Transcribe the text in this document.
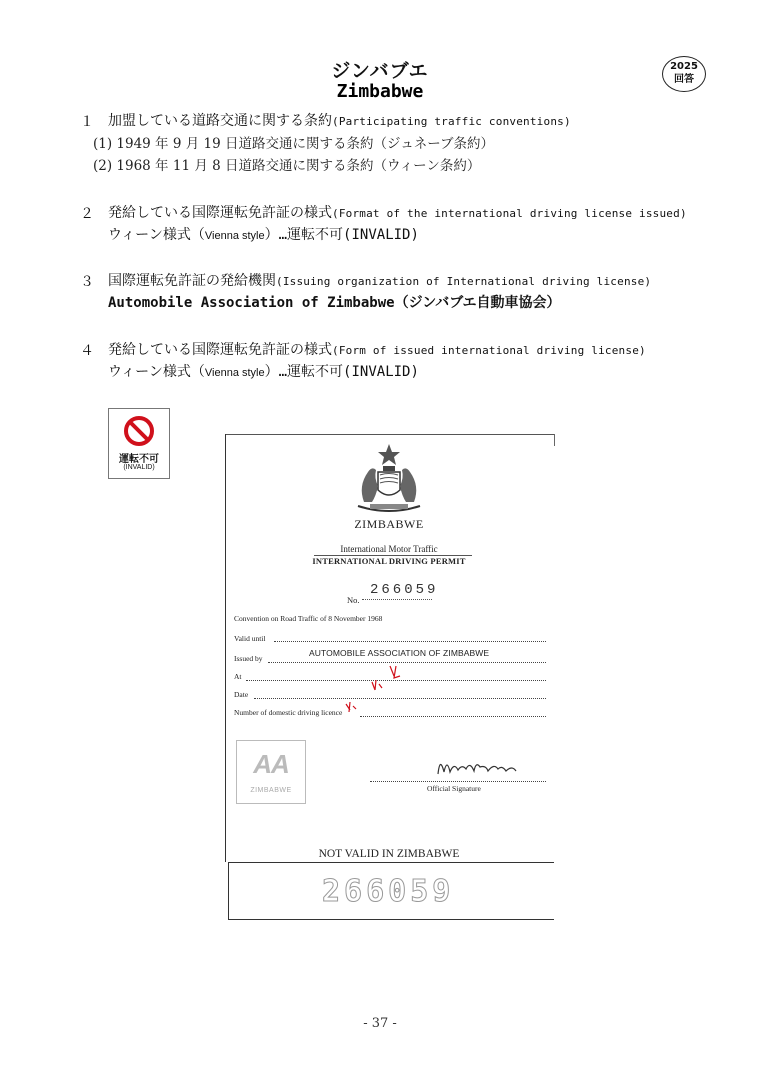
ジンバブエ
Zimbabwe
2025
回答
１ 加盟している道路交通に関する条約(Participating traffic conventions)
(1) 1949 年 9 月 19 日道路交通に関する条約（ジュネーブ条約）
(2) 1968 年 11 月 8 日道路交通に関する条約（ウィーン条約）
２ 発給している国際運転免許証の様式(Format of the international driving license issued)
ウィーン様式（Vienna style）…運転不可(INVALID)
３ 国際運転免許証の発給機関(Issuing organization of International driving license)
Automobile Association of Zimbabwe（ジンバブエ自動車協会）
４ 発給している国際運転免許証の様式(Form of issued international driving license)
ウィーン様式（Vienna style）…運転不可(INVALID)
運転不可
(INVALID)
ZIMBABWE
International Motor Traffic
INTERNATIONAL DRIVING PERMIT
No.
266059
Convention on Road Traffic of 8 November 1968
Valid until
Issued by
AUTOMOBILE ASSOCIATION OF ZIMBABWE
At
Date
Number of domestic driving licence
AA
ZIMBABWE	Official Signature
NOT VALID IN ZIMBABWE
266059
- 37 -
